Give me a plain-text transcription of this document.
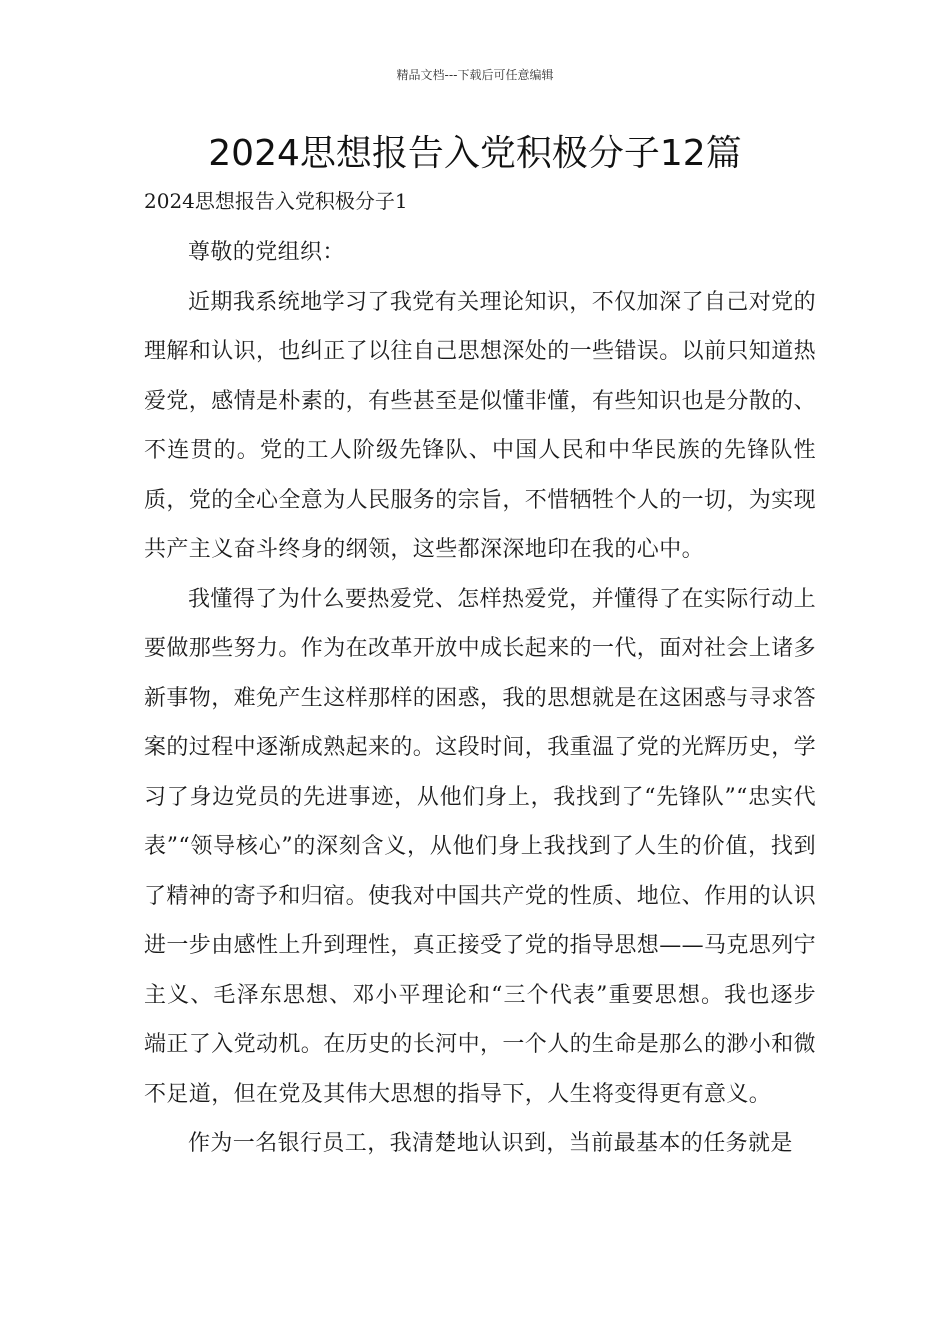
精品文档---下载后可任意编辑
2024思想报告入党积极分子12篇
2024思想报告入党积极分子1

尊敬的党组织：

近期我系统地学习了我党有关理论知识，不仅加深了自己对党的理解和认识，也纠正了以往自己思想深处的一些错误。以前只知道热爱党，感情是朴素的，有些甚至是似懂非懂，有些知识也是分散的、不连贯的。党的工人阶级先锋队、中国人民和中华民族的先锋队性质，党的全心全意为人民服务的宗旨，不惜牺牲个人的一切，为实现共产主义奋斗终身的纲领，这些都深深地印在我的心中。

我懂得了为什么要热爱党、怎样热爱党，并懂得了在实际行动上要做那些努力。作为在改革开放中成长起来的一代，面对社会上诸多新事物，难免产生这样那样的困惑，我的思想就是在这困惑与寻求答案的过程中逐渐成熟起来的。这段时间，我重温了党的光辉历史，学习了身边党员的先进事迹，从他们身上，我找到了“先锋队”“忠实代表”“领导核心”的深刻含义，从他们身上我找到了人生的价值，找到了精神的寄予和归宿。使我对中国共产党的性质、地位、作用的认识进一步由感性上升到理性，真正接受了党的指导思想——马克思列宁主义、毛泽东思想、邓小平理论和“三个代表”重要思想。我也逐步端正了入党动机。在历史的长河中，一个人的生命是那么的渺小和微不足道，但在党及其伟大思想的指导下，人生将变得更有意义。

作为一名银行员工，我清楚地认识到，当前最基本的任务就是
